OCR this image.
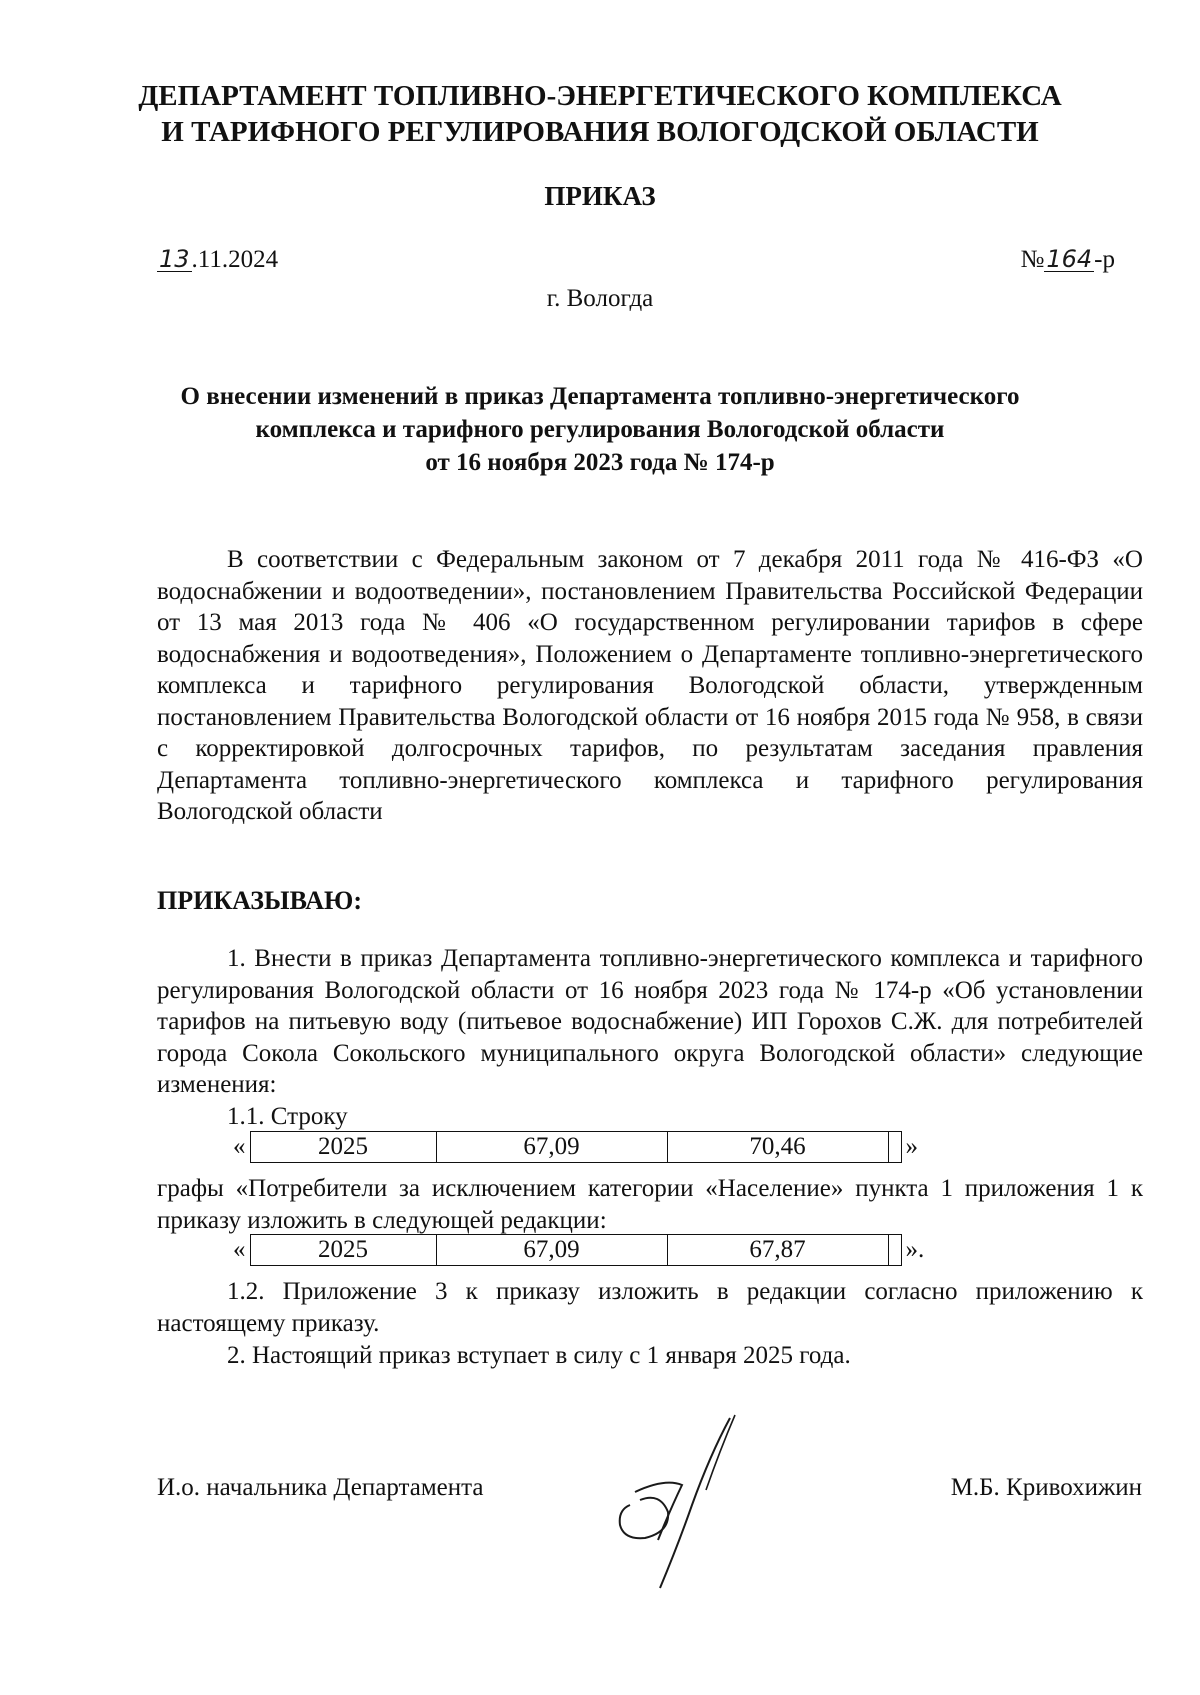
ДЕПАРТАМЕНТ ТОПЛИВНО-ЭНЕРГЕТИЧЕСКОГО КОМПЛЕКСА
И ТАРИФНОГО РЕГУЛИРОВАНИЯ ВОЛОГОДСКОЙ ОБЛАСТИ
ПРИКАЗ
13.11.2024	№164-р
г. Вологда
О внесении изменений в приказ Департамента топливно-энергетического
комплекса и тарифного регулирования Вологодской области
от 16 ноября 2023 года № 174-р
В соответствии с Федеральным законом от 7 декабря 2011 года № 416-ФЗ «О водоснабжении и водоотведении», постановлением Правительства Российской Федерации от 13 мая 2013 года № 406 «О государственном регулировании тарифов в сфере водоснабжения и водоотведения», Положением о Департаменте топливно-энергетического комплекса и тарифного регулирования Вологодской области, утвержденным постановлением Правительства Вологодской области от 16 ноября 2015 года № 958, в связи с корректировкой долгосрочных тарифов, по результатам заседания правления Департамента топливно-энергетического комплекса и тарифного регулирования Вологодской области
ПРИКАЗЫВАЮ:
1. Внести в приказ Департамента топливно-энергетического комплекса и тарифного регулирования Вологодской области от 16 ноября 2023 года № 174-р «Об установлении тарифов на питьевую воду (питьевое водоснабжение) ИП Горохов С.Ж. для потребителей города Сокола Сокольского муниципального округа Вологодской области» следующие изменения:
1.1. Строку
«	2025	67,09	70,46		»
графы «Потребители за исключением категории «Население» пункта 1 приложения 1 к приказу изложить в следующей редакции:
«	2025	67,09	67,87		».
1.2. Приложение 3 к приказу изложить в редакции согласно приложению к настоящему приказу.
2. Настоящий приказ вступает в силу с 1 января 2025 года.
И.о. начальника Департамента	М.Б. Кривохижин
